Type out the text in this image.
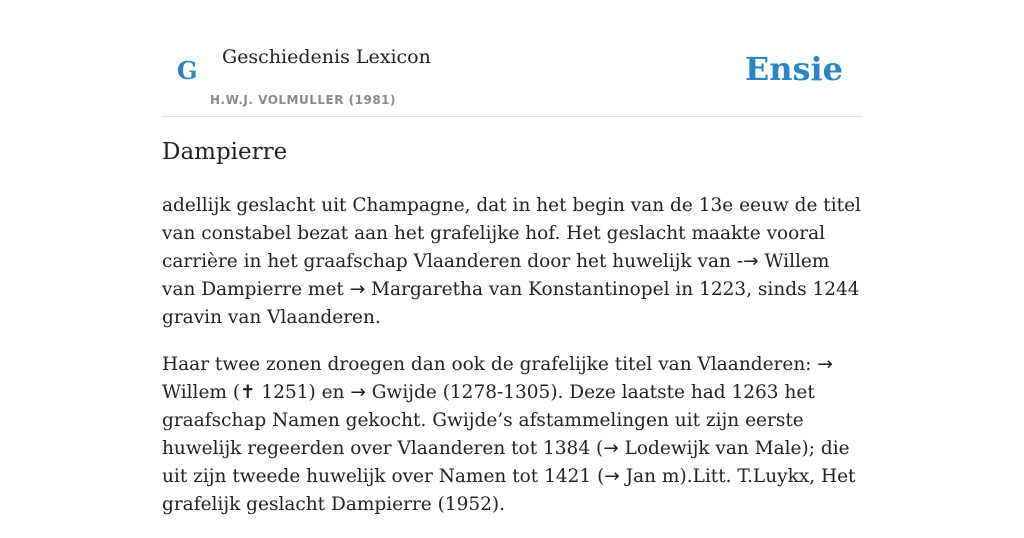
G Geschiedenis Lexicon
H.W.J. VOLMULLER (1981)
Ensie
Dampierre

adellijk geslacht uit Champagne, dat in het begin van de 13e eeuw de titel van constabel bezat aan het grafelijke hof. Het geslacht maakte vooral carrière in het graafschap Vlaanderen door het huwelijk van -→ Willem van Dampierre met → Margaretha van Konstantinopel in 1223, sinds 1244 gravin van Vlaanderen.

Haar twee zonen droegen dan ook de grafelijke titel van Vlaanderen: → Willem (✝ 1251) en → Gwijde (1278-1305). Deze laatste had 1263 het graafschap Namen gekocht. Gwijde’s afstammelingen uit zijn eerste huwelijk regeerden over Vlaanderen tot 1384 (→ Lodewijk van Male); die uit zijn tweede huwelijk over Namen tot 1421 (→ Jan m).Litt. T.Luykx, Het grafelijk geslacht Dampierre (1952).
